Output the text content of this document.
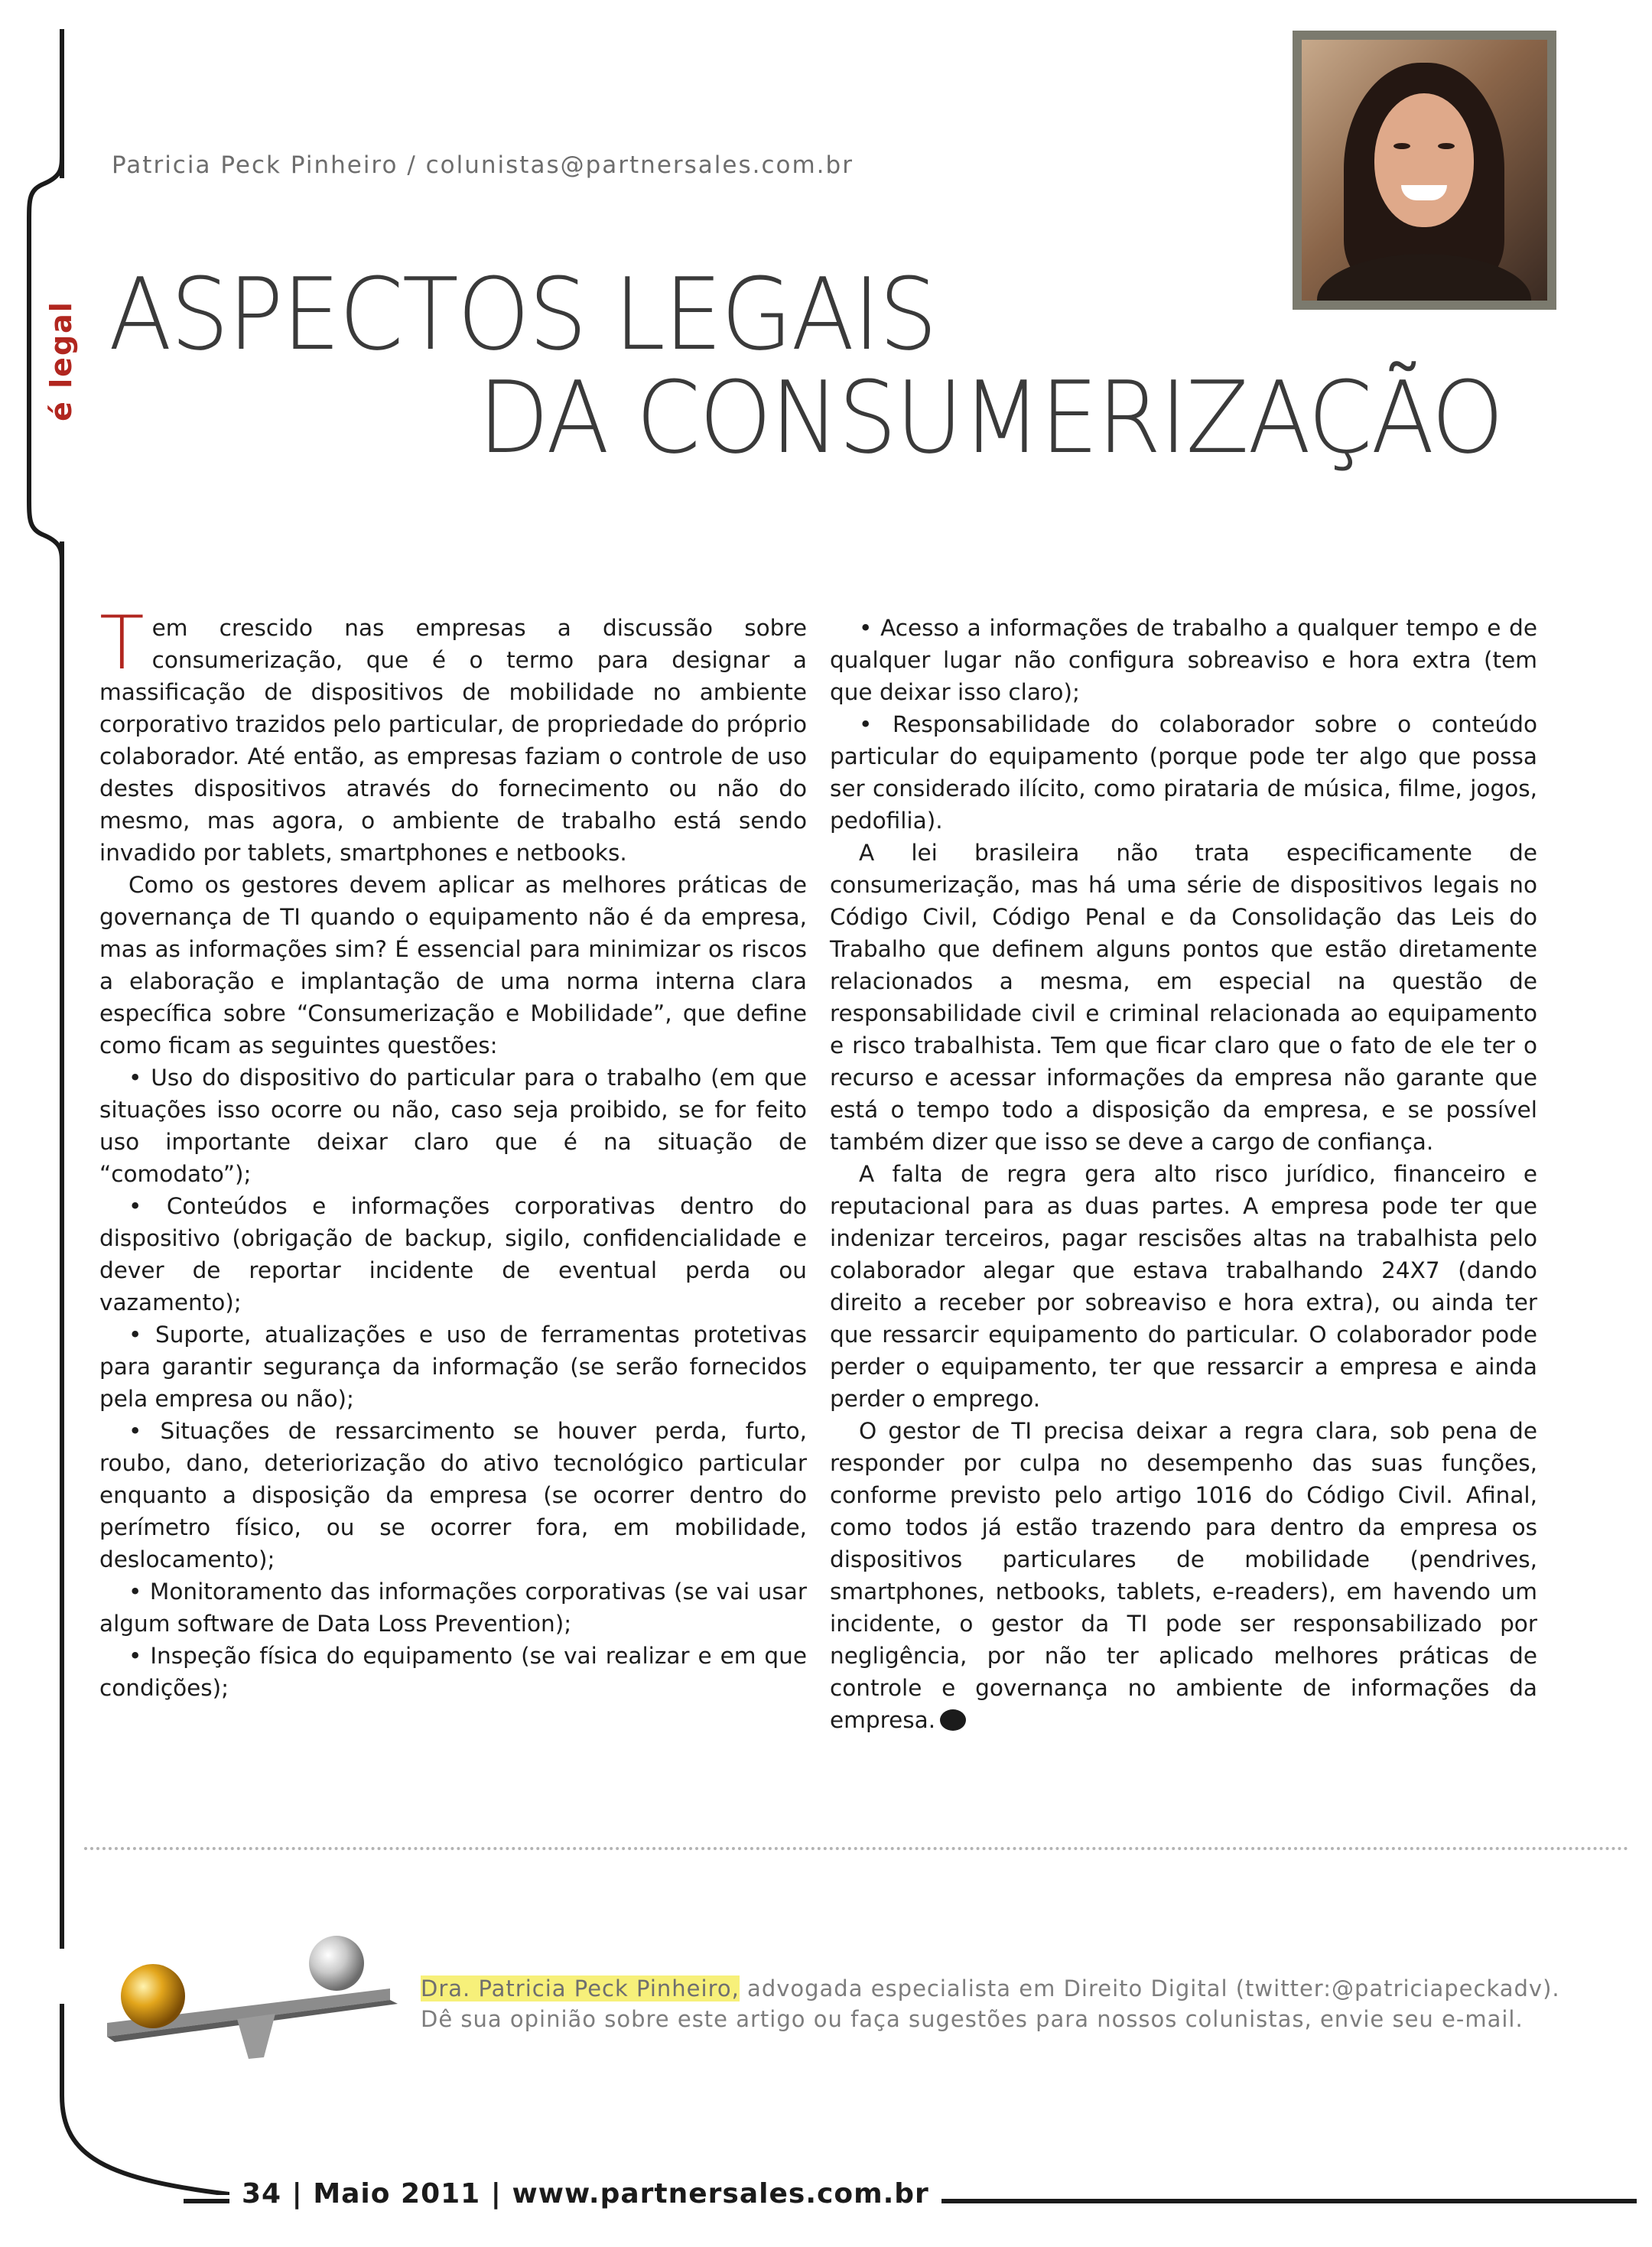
é legal
Patricia Peck Pinheiro / colunistas@partnersales.com.br
ASPECTOS LEGAIS
DA CONSUMERIZAÇÃO

Tem crescido nas empresas a discussão sobre consumerização, que é o termo para designar a massificação de dispositivos de mobilidade no ambiente corporativo trazidos pelo particular, de propriedade do próprio colaborador. Até então, as empresas faziam o controle de uso destes dispositivos através do fornecimento ou não do mesmo, mas agora, o ambiente de trabalho está sendo invadido por tablets, smartphones e netbooks.

Como os gestores devem aplicar as melhores práticas de governança de TI quando o equipamento não é da empresa, mas as informações sim? É essencial para minimizar os riscos a elaboração e implantação de uma norma interna clara específica sobre “Consumerização e Mobilidade”, que define como ficam as seguintes questões:

• Uso do dispositivo do particular para o trabalho (em que situações isso ocorre ou não, caso seja proibido, se for feito uso importante deixar claro que é na situação de “comodato”);

• Conteúdos e informações corporativas dentro do dispositivo (obrigação de backup, sigilo, confidencialidade e dever de reportar incidente de eventual perda ou vazamento);

• Suporte, atualizações e uso de ferramentas protetivas para garantir segurança da informação (se serão fornecidos pela empresa ou não);

• Situações de ressarcimento se houver perda, furto, roubo, dano, deteriorização do ativo tecnológico particular enquanto a disposição da empresa (se ocorrer dentro do perímetro físico, ou se ocorrer fora, em mobilidade, deslocamento);

• Monitoramento das informações corporativas (se vai usar algum software de Data Loss Prevention);

• Inspeção física do equipamento (se vai realizar e em que condições);

• Acesso a informações de trabalho a qualquer tempo e de qualquer lugar não configura sobreaviso e hora extra (tem que deixar isso claro);

• Responsabilidade do colaborador sobre o conteúdo particular do equipamento (porque pode ter algo que possa ser considerado ilícito, como pirataria de música, filme, jogos, pedofilia).

A lei brasileira não trata especificamente de consumerização, mas há uma série de dispositivos legais no Código Civil, Código Penal e da Consolidação das Leis do Trabalho que definem alguns pontos que estão diretamente relacionados a mesma, em especial na questão de responsabilidade civil e criminal relacionada ao equipamento e risco trabalhista. Tem que ficar claro que o fato de ele ter o recurso e acessar informações da empresa não garante que está o tempo todo a disposição da empresa, e se possível também dizer que isso se deve a cargo de confiança.

A falta de regra gera alto risco jurídico, financeiro e reputacional para as duas partes. A empresa pode ter que indenizar terceiros, pagar rescisões altas na trabalhista pelo colaborador alegar que estava trabalhando 24X7 (dando direito a receber por sobreaviso e hora extra), ou ainda ter que ressarcir equipamento do particular. O colaborador pode perder o equipamento, ter que ressarcir a empresa e ainda perder o emprego.

O gestor de TI precisa deixar a regra clara, sob pena de responder por culpa no desempenho das suas funções, conforme previsto pelo artigo 1016 do Código Civil. Afinal, como todos já estão trazendo para dentro da empresa os dispositivos particulares de mobilidade (pendrives, smartphones, netbooks, tablets, e-readers), em havendo um incidente, o gestor da TI pode ser responsabilizado por negligência, por não ter aplicado melhores práticas de controle e governança no ambiente de informações da empresa.

Dra. Patricia Peck Pinheiro, advogada especialista em Direito Digital (twitter:@patriciapeckadv).
Dê sua opinião sobre este artigo ou faça sugestões para nossos colunistas, envie seu e-mail.
34 | Maio 2011 | www.partnersales.com.br
